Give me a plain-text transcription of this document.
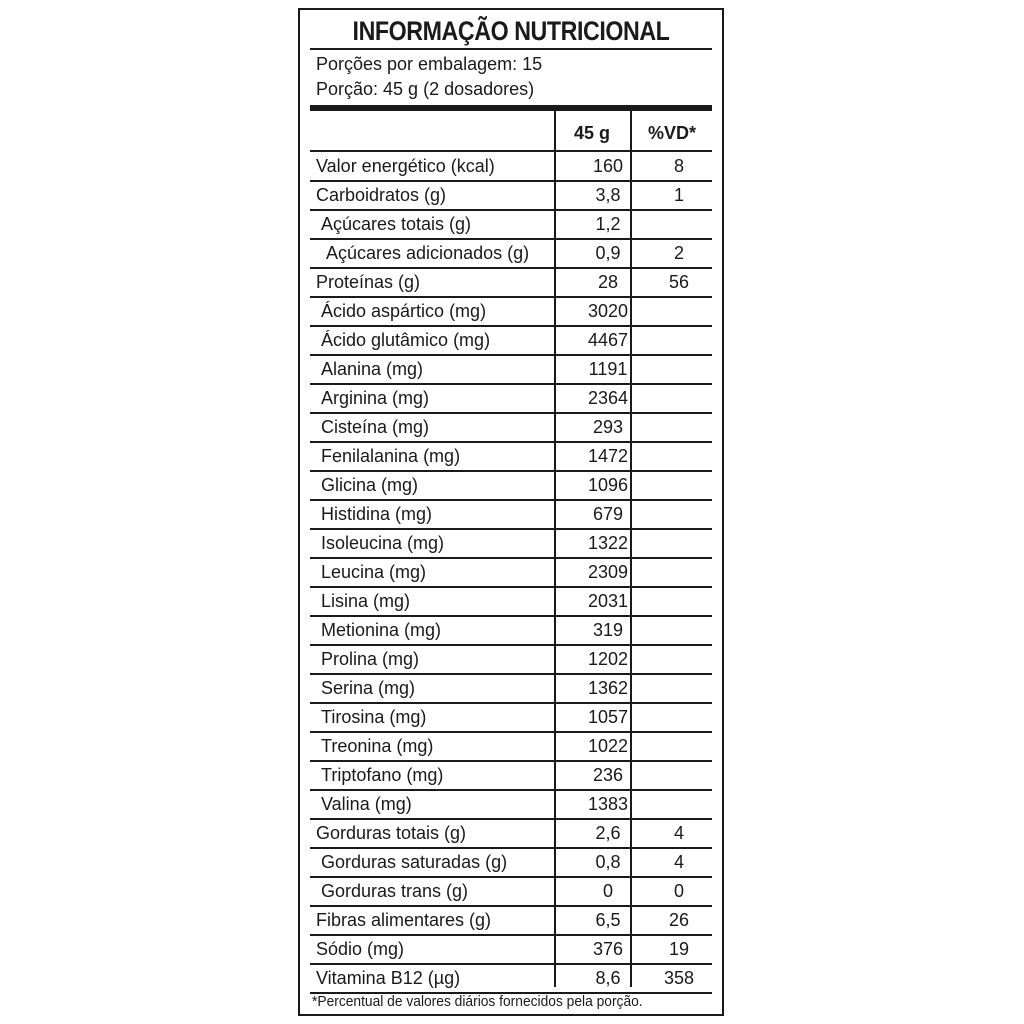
INFORMAÇÃO NUTRICIONAL
Porções por embalagem: 15
Porção: 45 g (2 dosadores)
45 g	%VD*
Valor energético (kcal)	160	8
Carboidratos (g)	3,8	1
Açúcares totais (g)	1,2	
Açúcares adicionados (g)	0,9	2
Proteínas (g)	28	56
Ácido aspártico (mg)	3020	
Ácido glutâmico (mg)	4467	
Alanina (mg)	1191	
Arginina (mg)	2364	
Cisteína (mg)	293	
Fenilalanina (mg)	1472	
Glicina (mg)	1096	
Histidina (mg)	679	
Isoleucina (mg)	1322	
Leucina (mg)	2309	
Lisina (mg)	2031	
Metionina (mg)	319	
Prolina (mg)	1202	
Serina (mg)	1362	
Tirosina (mg)	1057	
Treonina (mg)	1022	
Triptofano (mg)	236	
Valina (mg)	1383	
Gorduras totais (g)	2,6	4
Gorduras saturadas (g)	0,8	4
Gorduras trans (g)	0	0
Fibras alimentares (g)	6,5	26
Sódio (mg)	376	19
Vitamina B12 (µg)	8,6	358
*Percentual de valores diários fornecidos pela porção.
